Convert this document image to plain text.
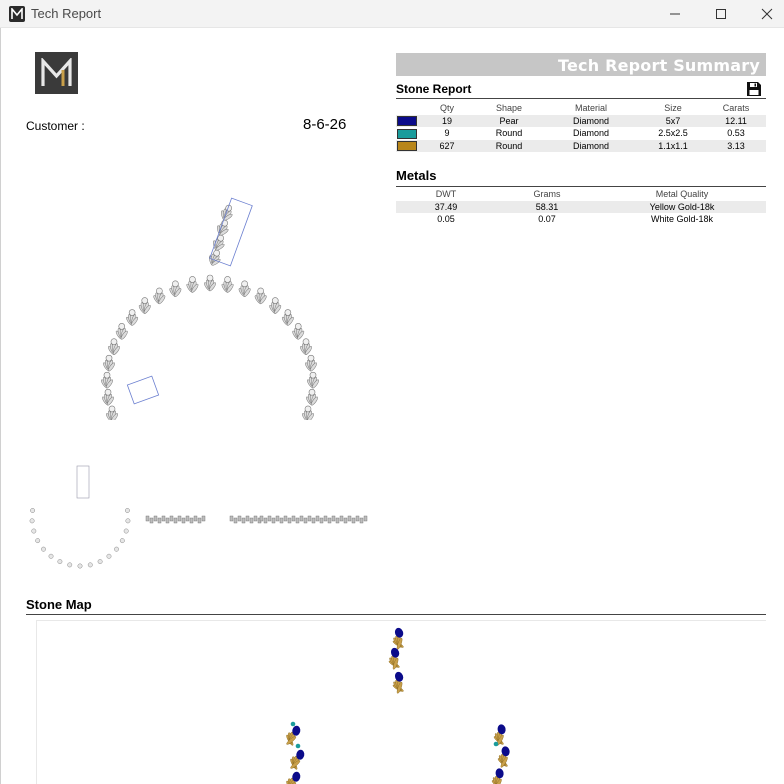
Tech Report
Customer :	8-6-26
Tech Report Summary
Stone Report
	Qty	Shape	Material	Size	Carats
	19	Pear	Diamond	5x7	12.11
	9	Round	Diamond	2.5x2.5	0.53
	627	Round	Diamond	1.1x1.1	3.13
Metals
DWT	Grams	Metal Quality
37.49	58.31	Yellow Gold-18k
0.05	0.07	White Gold-18k
Stone Map
